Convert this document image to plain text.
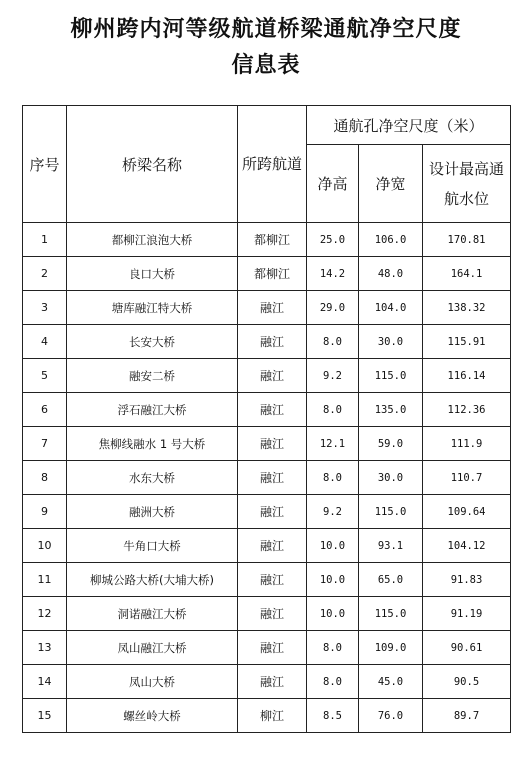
柳州跨内河等级航道桥梁通航净空尺度
信息表
序号	桥梁名称	所跨航道	通航孔净空尺度（米）		
			净高	净宽	设计最高通航水位
1	都柳江浪泡大桥	都柳江	25.0	106.0	170.81
2	良口大桥	都柳江	14.2	48.0	164.1
3	塘库融江特大桥	融江	29.0	104.0	138.32
4	长安大桥	融江	8.0	30.0	115.91
5	融安二桥	融江	9.2	115.0	116.14
6	浮石融江大桥	融江	8.0	135.0	112.36
7	焦柳线融水 1 号大桥	融江	12.1	59.0	111.9
8	水东大桥	融江	8.0	30.0	110.7
9	融洲大桥	融江	9.2	115.0	109.64
10	牛角口大桥	融江	10.0	93.1	104.12
11	柳城公路大桥(大埔大桥)	融江	10.0	65.0	91.83
12	洞诺融江大桥	融江	10.0	115.0	91.19
13	凤山融江大桥	融江	8.0	109.0	90.61
14	凤山大桥	融江	8.0	45.0	90.5
15	螺丝岭大桥	柳江	8.5	76.0	89.7
